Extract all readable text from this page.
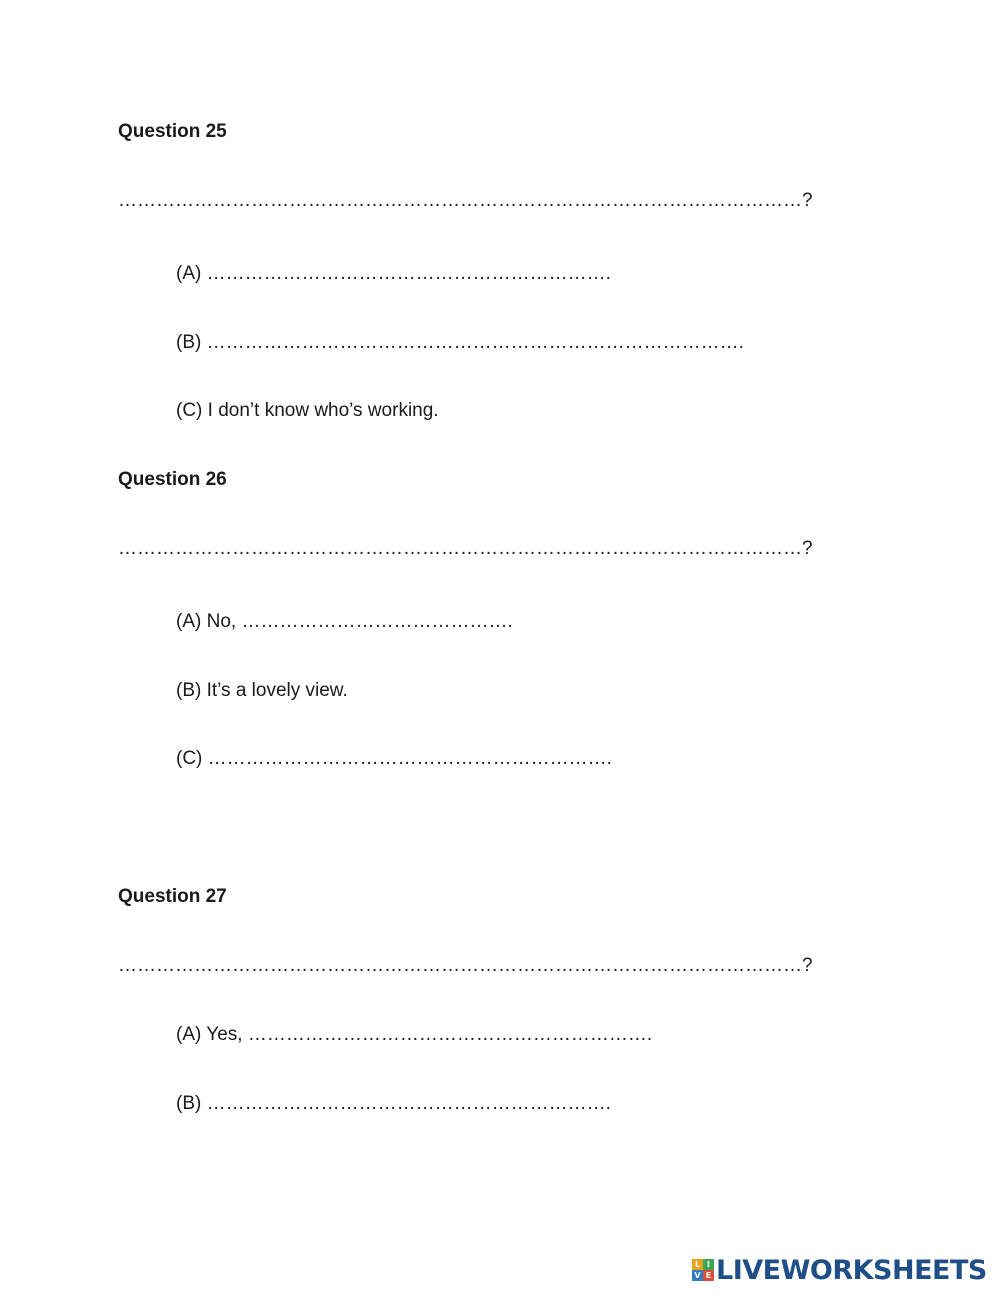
Question 25
………………………………………………………………………………………………?
(A) ……………………………………………………….
(B) ………………………………………………………………………….
(C) I don’t know who’s working.
Question 26
………………………………………………………………………………………………?
(A) No, …………………………………….
(B) It’s a lovely view.
(C) ……………………………………………………….
Question 27
………………………………………………………………………………………………?
(A) Yes, ……………………………………………………….
(B) ……………………………………………………….
L I
V E LIVEWORKSHEETS
